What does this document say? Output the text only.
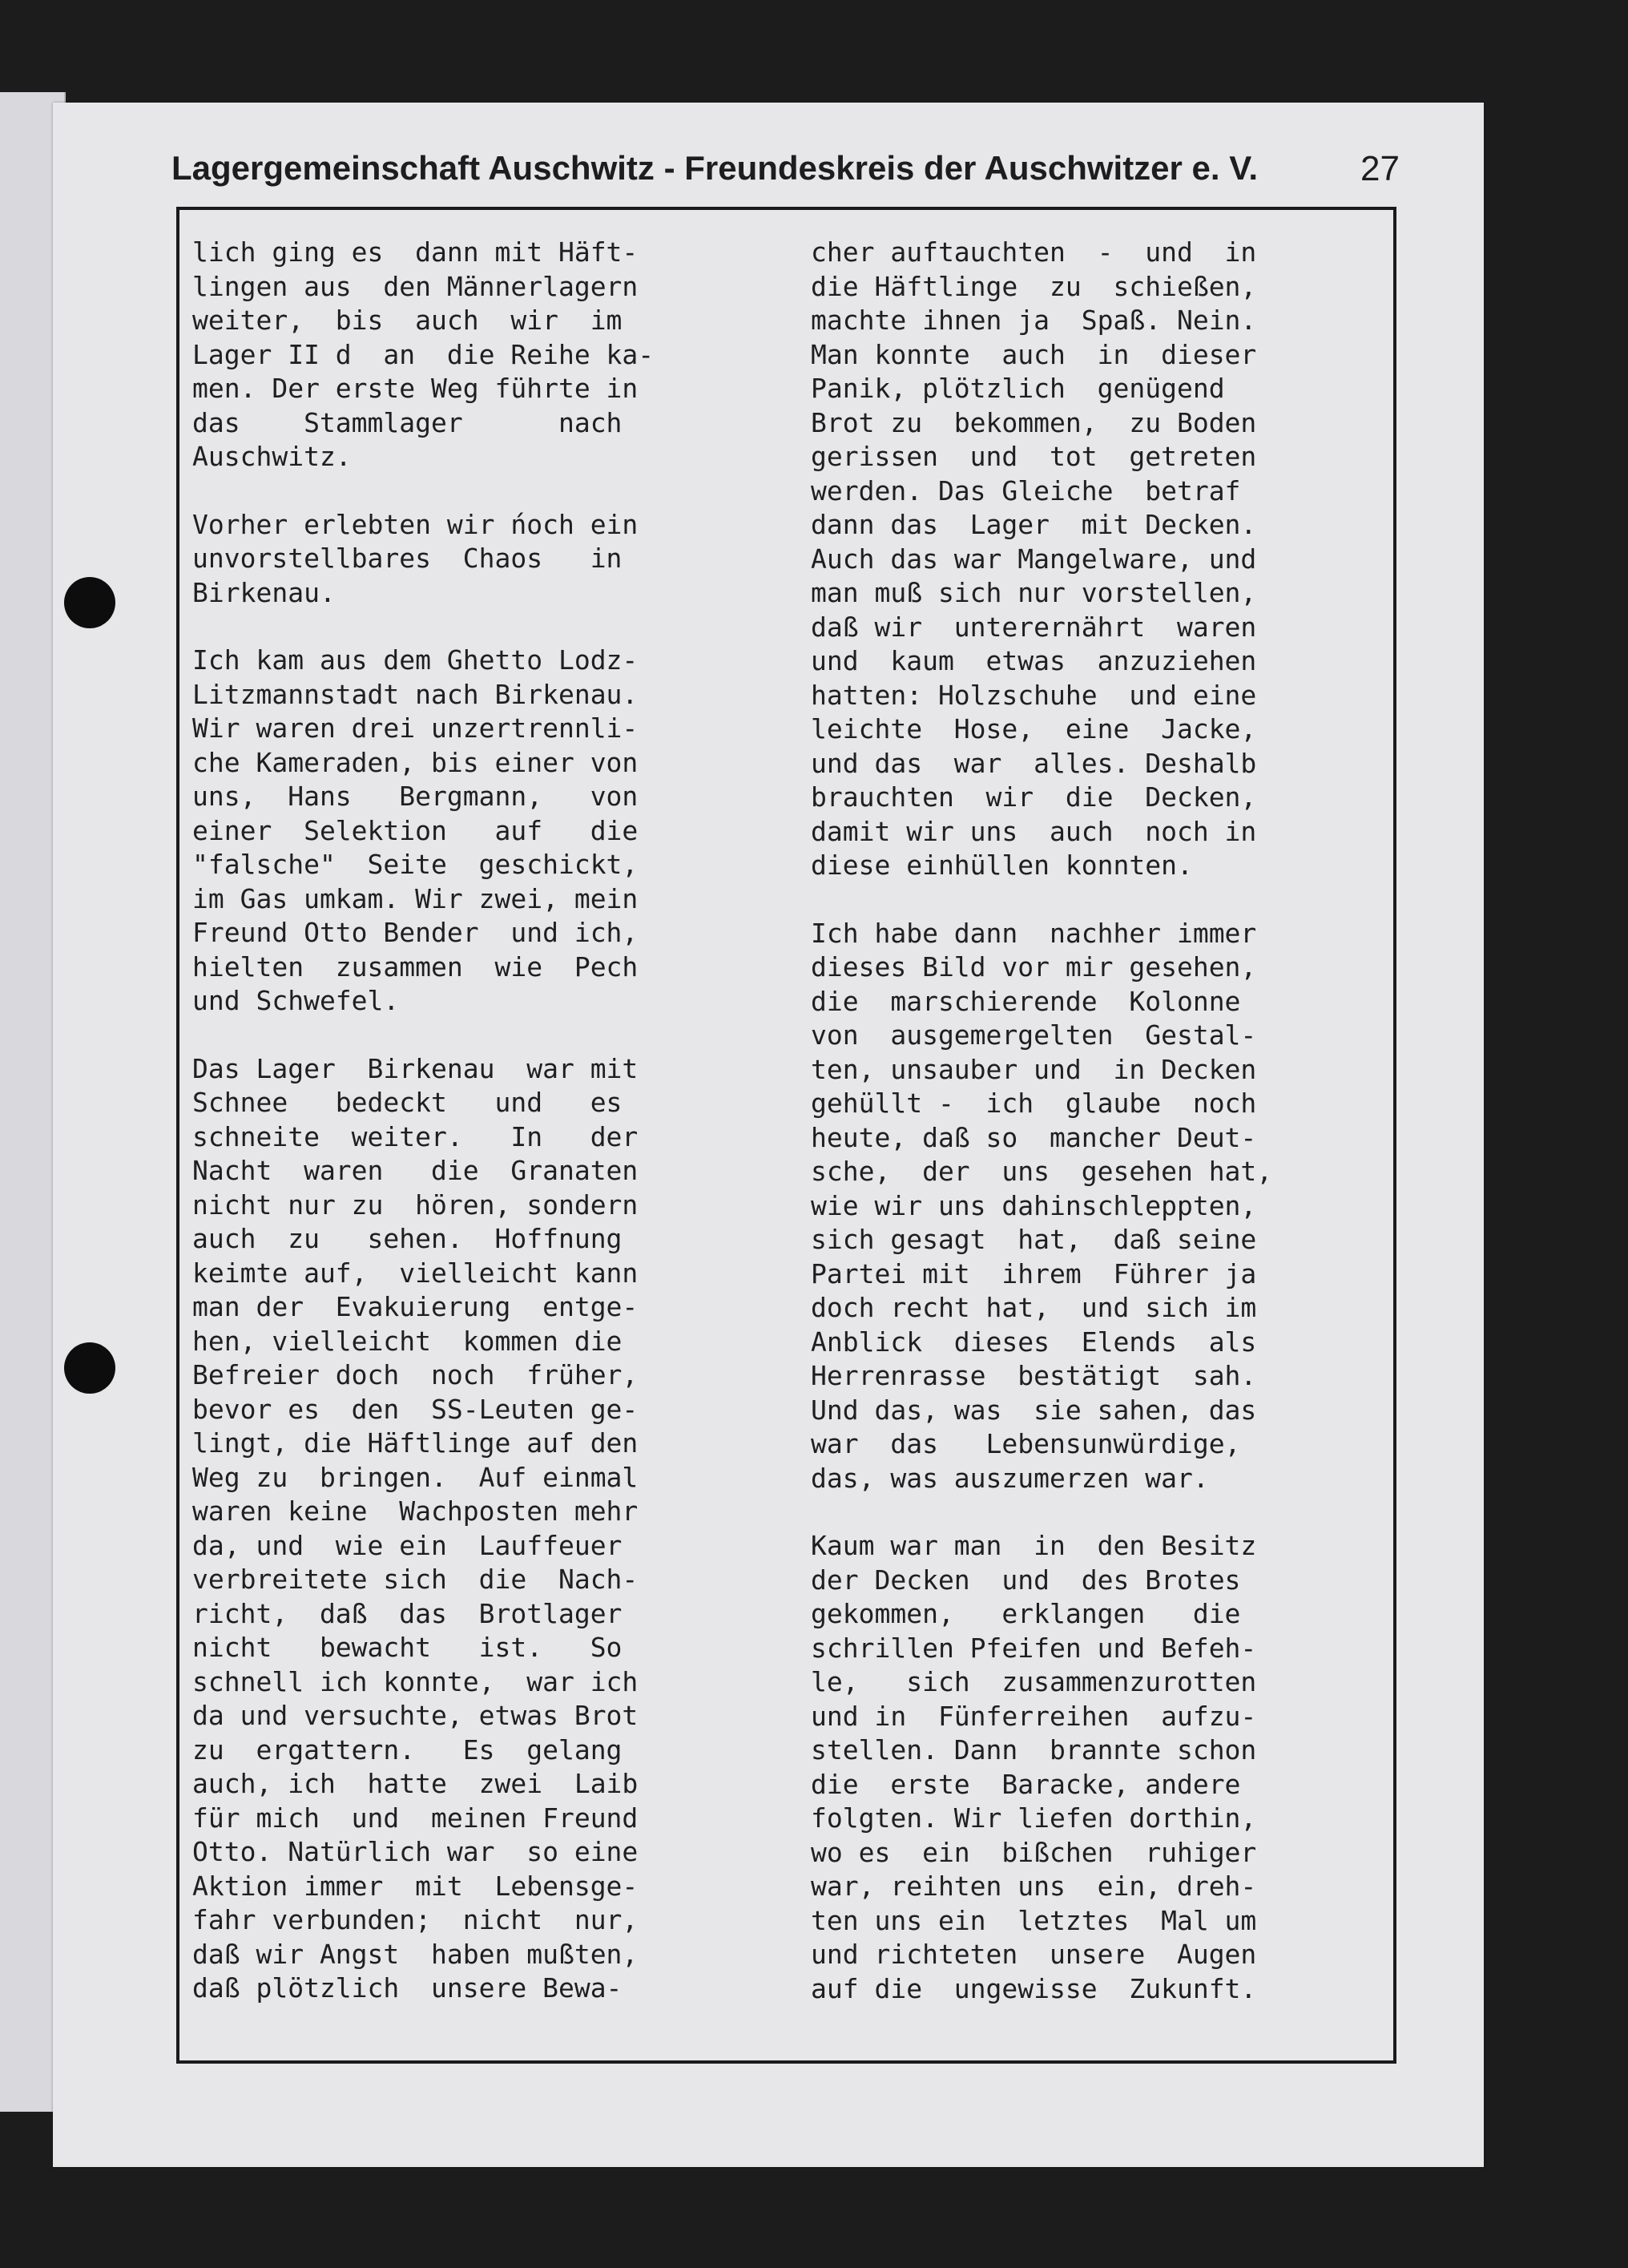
Lagergemeinschaft Auschwitz - Freundeskreis der Auschwitzer e. V.	27
lich ging es  dann mit Häft-
lingen aus  den Männerlagern
weiter,  bis  auch  wir  im
Lager II d  an  die Reihe ka-
men. Der erste Weg führte in
das    Stammlager      nach
Auschwitz.
Vorher erlebten wir ńoch ein
unvorstellbares  Chaos   in
Birkenau.
Ich kam aus dem Ghetto Lodz-
Litzmannstadt nach Birkenau.
Wir waren drei unzertrennli-
che Kameraden, bis einer von
uns,  Hans   Bergmann,   von
einer  Selektion   auf   die
"falsche"  Seite  geschickt,
im Gas umkam. Wir zwei, mein
Freund Otto Bender  und ich,
hielten  zusammen  wie  Pech
und Schwefel.
Das Lager  Birkenau  war mit
Schnee   bedeckt   und   es
schneite  weiter.   In   der
Nacht  waren   die  Granaten
nicht nur zu  hören, sondern
auch  zu   sehen.  Hoffnung
keimte auf,  vielleicht kann
man der  Evakuierung  entge-
hen, vielleicht  kommen die
Befreier doch  noch  früher,
bevor es  den  SS-Leuten ge-
lingt, die Häftlinge auf den
Weg zu  bringen.  Auf einmal
waren keine  Wachposten mehr
da, und  wie ein  Lauffeuer
verbreitete sich  die  Nach-
richt,  daß  das  Brotlager
nicht   bewacht   ist.   So
schnell ich konnte,  war ich
da und versuchte, etwas Brot
zu  ergattern.   Es  gelang
auch, ich  hatte  zwei  Laib
für mich  und  meinen Freund
Otto. Natürlich war  so eine
Aktion immer  mit  Lebensge-
fahr verbunden;  nicht  nur,
daß wir Angst  haben mußten,
daß plötzlich  unsere Bewa-
cher auftauchten  -  und  in
die Häftlinge  zu  schießen,
machte ihnen ja  Spaß. Nein.
Man konnte  auch  in  dieser
Panik, plötzlich  genügend
Brot zu  bekommen,  zu Boden
gerissen  und  tot  getreten
werden. Das Gleiche  betraf
dann das  Lager  mit Decken.
Auch das war Mangelware, und
man muß sich nur vorstellen,
daß wir  unterernährt  waren
und  kaum  etwas  anzuziehen
hatten: Holzschuhe  und eine
leichte  Hose,  eine  Jacke,
und das  war  alles. Deshalb
brauchten  wir  die  Decken,
damit wir uns  auch  noch in
diese einhüllen konnten.
Ich habe dann  nachher immer
dieses Bild vor mir gesehen,
die  marschierende  Kolonne
von  ausgemergelten  Gestal-
ten, unsauber und  in Decken
gehüllt -  ich  glaube  noch
heute, daß so  mancher Deut-
sche,  der  uns  gesehen hat,
wie wir uns dahinschleppten,
sich gesagt  hat,  daß seine
Partei mit  ihrem  Führer ja
doch recht hat,  und sich im
Anblick  dieses  Elends  als
Herrenrasse  bestätigt  sah.
Und das, was  sie sahen, das
war  das   Lebensunwürdige,
das, was auszumerzen war.
Kaum war man  in  den Besitz
der Decken  und  des Brotes
gekommen,   erklangen   die
schrillen Pfeifen und Befeh-
le,   sich  zusammenzurotten
und in  Fünferreihen  aufzu-
stellen. Dann  brannte schon
die  erste  Baracke, andere
folgten. Wir liefen dorthin,
wo es  ein  bißchen  ruhiger
war, reihten uns  ein, dreh-
ten uns ein  letztes  Mal um
und richteten  unsere  Augen
auf die  ungewisse  Zukunft.
